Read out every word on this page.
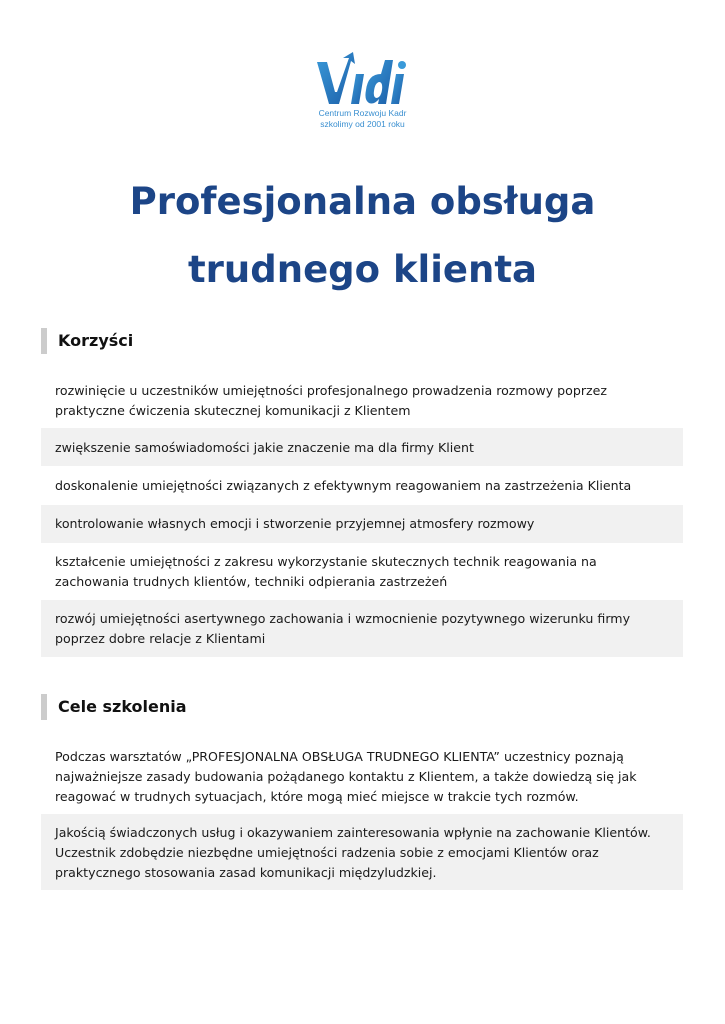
Centrum Rozwoju Kadr
szkolimy od 2001 roku
Profesjonalna obsługa
trudnego klienta
Korzyści
rozwinięcie u uczestników umiejętności profesjonalnego prowadzenia rozmowy poprzez praktyczne ćwiczenia skutecznej komunikacji z Klientem
zwiększenie samoświadomości jakie znaczenie ma dla firmy Klient
doskonalenie umiejętności związanych z efektywnym reagowaniem na zastrzeżenia Klienta
kontrolowanie własnych emocji i stworzenie przyjemnej atmosfery rozmowy
kształcenie umiejętności z zakresu wykorzystanie skutecznych technik reagowania na zachowania trudnych klientów, techniki odpierania zastrzeżeń
rozwój umiejętności asertywnego zachowania i wzmocnienie pozytywnego wizerunku firmy poprzez dobre relacje z Klientami
Cele szkolenia
Podczas warsztatów „PROFESJONALNA OBSŁUGA TRUDNEGO KLIENTA” uczestnicy poznają najważniejsze zasady budowania pożądanego kontaktu z Klientem, a także dowiedzą się jak reagować w trudnych sytuacjach, które mogą mieć miejsce w trakcie tych rozmów.
Jakością świadczonych usług i okazywaniem zainteresowania wpłynie na zachowanie Klientów. Uczestnik zdobędzie niezbędne umiejętności radzenia sobie z emocjami Klientów oraz praktycznego stosowania zasad komunikacji międzyludzkiej.
